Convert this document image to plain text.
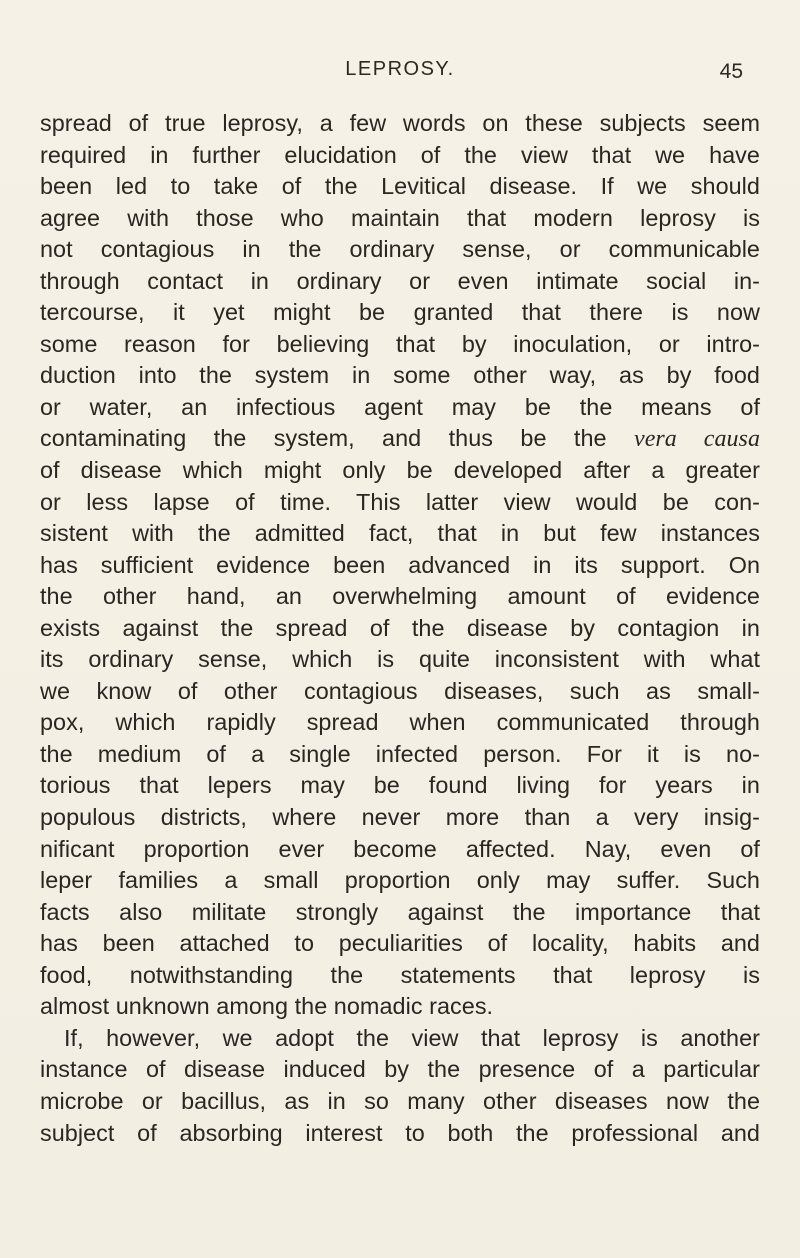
LEPROSY.	45
spread of true leprosy, a few words on these subjects seem
required in further elucidation of the view that we have
been led to take of the Levitical disease. If we should
agree with those who maintain that modern leprosy is
not contagious in the ordinary sense, or communicable
through contact in ordinary or even intimate social in-
tercourse, it yet might be granted that there is now
some reason for believing that by inoculation, or intro-
duction into the system in some other way, as by food
or water, an infectious agent may be the means of
contaminating the system, and thus be the vera causa
of disease which might only be developed after a greater
or less lapse of time. This latter view would be con-
sistent with the admitted fact, that in but few instances
has sufficient evidence been advanced in its support. On
the other hand, an overwhelming amount of evidence
exists against the spread of the disease by contagion in
its ordinary sense, which is quite inconsistent with what
we know of other contagious diseases, such as small-
pox, which rapidly spread when communicated through
the medium of a single infected person. For it is no-
torious that lepers may be found living for years in
populous districts, where never more than a very insig-
nificant proportion ever become affected. Nay, even of
leper families a small proportion only may suffer. Such
facts also militate strongly against the importance that
has been attached to peculiarities of locality, habits and
food, notwithstanding the statements that leprosy is
almost unknown among the nomadic races.
If, however, we adopt the view that leprosy is another
instance of disease induced by the presence of a particular
microbe or bacillus, as in so many other diseases now the
subject of absorbing interest to both the professional and
